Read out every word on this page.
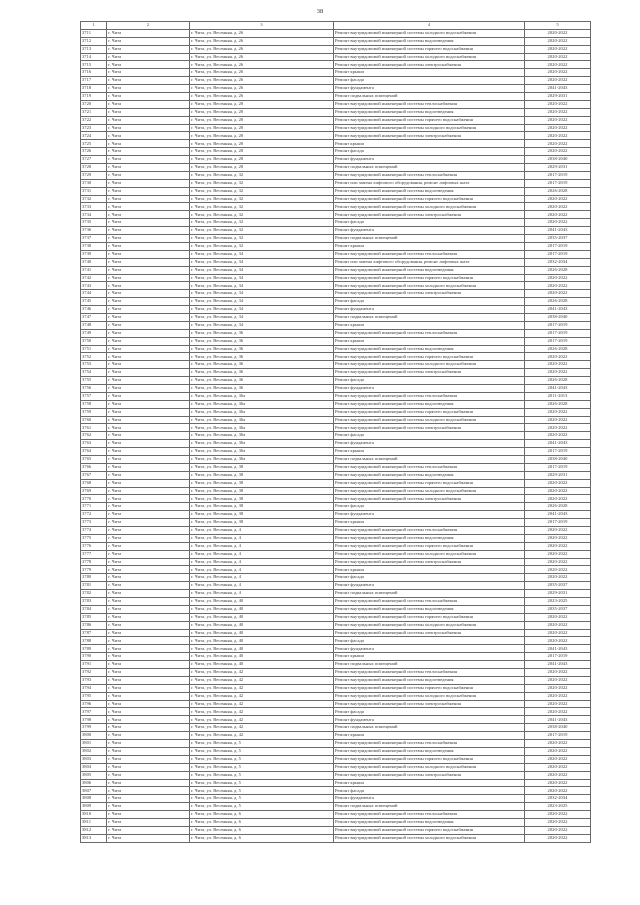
38
1	2	3	4	5
3711	г. Чита	г. Чита, ул. Весенняя, д. 26	Ремонт внутридомовой инженерной системы холодного водоснабжения	2020-2022
3712	г. Чита	г. Чита, ул. Весенняя, д. 26	Ремонт внутридомовой инженерной системы водоотведения	2020-2022
3713	г. Чита	г. Чита, ул. Весенняя, д. 26	Ремонт внутридомовой инженерной системы горячего водоснабжения	2020-2022
3714	г. Чита	г. Чита, ул. Весенняя, д. 26	Ремонт внутридомовой инженерной системы холодного водоснабжения	2020-2022
3715	г. Чита	г. Чита, ул. Весенняя, д. 26	Ремонт внутридомовой инженерной системы электроснабжения	2020-2022
3716	г. Чита	г. Чита, ул. Весенняя, д. 26	Ремонт крыши	2020-2022
3717	г. Чита	г. Чита, ул. Весенняя, д. 26	Ремонт фасада	2020-2022
3718	г. Чита	г. Чита, ул. Весенняя, д. 26	Ремонт фундамента	2041-2043
3719	г. Чита	г. Чита, ул. Весенняя, д. 26	Ремонт подвальных помещений	2029-2031
3720	г. Чита	г. Чита, ул. Весенняя, д. 28	Ремонт внутридомовой инженерной системы теплоснабжения	2020-2022
3721	г. Чита	г. Чита, ул. Весенняя, д. 28	Ремонт внутридомовой инженерной системы водоотведения	2020-2022
3722	г. Чита	г. Чита, ул. Весенняя, д. 28	Ремонт внутридомовой инженерной системы горячего водоснабжения	2020-2022
3723	г. Чита	г. Чита, ул. Весенняя, д. 28	Ремонт внутридомовой инженерной системы холодного водоснабжения	2020-2022
3724	г. Чита	г. Чита, ул. Весенняя, д. 28	Ремонт внутридомовой инженерной системы электроснабжения	2020-2022
3725	г. Чита	г. Чита, ул. Весенняя, д. 28	Ремонт крыши	2020-2022
3726	г. Чита	г. Чита, ул. Весенняя, д. 28	Ремонт фасада	2020-2022
3727	г. Чита	г. Чита, ул. Весенняя, д. 28	Ремонт фундамента	2038-2040
3728	г. Чита	г. Чита, ул. Весенняя, д. 28	Ремонт подвальных помещений	2029-2031
3729	г. Чита	г. Чита, ул. Весенняя, д. 32	Ремонт внутридомовой инженерной системы теплоснабжения	2017-2019
3730	г. Чита	г. Чита, ул. Весенняя, д. 32	Ремонт или замена лифтового оборудования, ремонт лифтовых шахт	2017-2019
3731	г. Чита	г. Чита, ул. Весенняя, д. 32	Ремонт внутридомовой инженерной системы водоотведения	2026-2028
3732	г. Чита	г. Чита, ул. Весенняя, д. 32	Ремонт внутридомовой инженерной системы горячего водоснабжения	2020-2022
3733	г. Чита	г. Чита, ул. Весенняя, д. 32	Ремонт внутридомовой инженерной системы холодного водоснабжения	2020-2022
3734	г. Чита	г. Чита, ул. Весенняя, д. 32	Ремонт внутридомовой инженерной системы электроснабжения	2020-2022
3735	г. Чита	г. Чита, ул. Весенняя, д. 32	Ремонт фасада	2020-2022
3736	г. Чита	г. Чита, ул. Весенняя, д. 32	Ремонт фундамента	2041-2043
3737	г. Чита	г. Чита, ул. Весенняя, д. 32	Ремонт подвальных помещений	2035-2037
3738	г. Чита	г. Чита, ул. Весенняя, д. 32	Ремонт крыши	2017-2019
3739	г. Чита	г. Чита, ул. Весенняя, д. 34	Ремонт внутридомовой инженерной системы теплоснабжения	2017-2019
3740	г. Чита	г. Чита, ул. Весенняя, д. 34	Ремонт или замена лифтового оборудования, ремонт лифтовых шахт	2032-2034
3741	г. Чита	г. Чита, ул. Весенняя, д. 34	Ремонт внутридомовой инженерной системы водоотведения	2026-2028
3742	г. Чита	г. Чита, ул. Весенняя, д. 34	Ремонт внутридомовой инженерной системы горячего водоснабжения	2020-2022
3743	г. Чита	г. Чита, ул. Весенняя, д. 34	Ремонт внутридомовой инженерной системы холодного водоснабжения	2020-2022
3744	г. Чита	г. Чита, ул. Весенняя, д. 34	Ремонт внутридомовой инженерной системы электроснабжения	2020-2022
3745	г. Чита	г. Чита, ул. Весенняя, д. 34	Ремонт фасада	2026-2028
3746	г. Чита	г. Чита, ул. Весенняя, д. 34	Ремонт фундамента	2041-2043
3747	г. Чита	г. Чита, ул. Весенняя, д. 34	Ремонт подвальных помещений	2038-2040
3748	г. Чита	г. Чита, ул. Весенняя, д. 34	Ремонт крыши	2017-2019
3749	г. Чита	г. Чита, ул. Весенняя, д. 36	Ремонт внутридомовой инженерной системы теплоснабжения	2017-2019
3750	г. Чита	г. Чита, ул. Весенняя, д. 36	Ремонт крыши	2017-2019
3751	г. Чита	г. Чита, ул. Весенняя, д. 36	Ремонт внутридомовой инженерной системы водоотведения	2026-2028
3752	г. Чита	г. Чита, ул. Весенняя, д. 36	Ремонт внутридомовой инженерной системы горячего водоснабжения	2020-2022
3753	г. Чита	г. Чита, ул. Весенняя, д. 36	Ремонт внутридомовой инженерной системы холодного водоснабжения	2020-2022
3754	г. Чита	г. Чита, ул. Весенняя, д. 36	Ремонт внутридомовой инженерной системы электроснабжения	2020-2022
3755	г. Чита	г. Чита, ул. Весенняя, д. 36	Ремонт фасада	2026-2028
3756	г. Чита	г. Чита, ул. Весенняя, д. 36	Ремонт фундамента	2041-2043
3757	г. Чита	г. Чита, ул. Весенняя, д. 36а	Ремонт внутридомовой инженерной системы теплоснабжения	2011-2013
3758	г. Чита	г. Чита, ул. Весенняя, д. 36а	Ремонт внутридомовой инженерной системы водоотведения	2026-2028
3759	г. Чита	г. Чита, ул. Весенняя, д. 36а	Ремонт внутридомовой инженерной системы горячего водоснабжения	2020-2022
3760	г. Чита	г. Чита, ул. Весенняя, д. 36а	Ремонт внутридомовой инженерной системы холодного водоснабжения	2020-2022
3761	г. Чита	г. Чита, ул. Весенняя, д. 36а	Ремонт внутридомовой инженерной системы электроснабжения	2020-2022
3762	г. Чита	г. Чита, ул. Весенняя, д. 36а	Ремонт фасада	2020-2022
3763	г. Чита	г. Чита, ул. Весенняя, д. 36а	Ремонт фундамента	2041-2043
3764	г. Чита	г. Чита, ул. Весенняя, д. 36а	Ремонт крыши	2017-2019
3765	г. Чита	г. Чита, ул. Весенняя, д. 36а	Ремонт подвальных помещений	2038-2040
3766	г. Чита	г. Чита, ул. Весенняя, д. 38	Ремонт внутридомовой инженерной системы теплоснабжения	2017-2019
3767	г. Чита	г. Чита, ул. Весенняя, д. 38	Ремонт внутридомовой инженерной системы водоотведения	2029-2031
3768	г. Чита	г. Чита, ул. Весенняя, д. 38	Ремонт внутридомовой инженерной системы горячего водоснабжения	2020-2022
3769	г. Чита	г. Чита, ул. Весенняя, д. 38	Ремонт внутридомовой инженерной системы холодного водоснабжения	2020-2022
3770	г. Чита	г. Чита, ул. Весенняя, д. 38	Ремонт внутридомовой инженерной системы электроснабжения	2020-2022
3771	г. Чита	г. Чита, ул. Весенняя, д. 38	Ремонт фасада	2026-2028
3772	г. Чита	г. Чита, ул. Весенняя, д. 38	Ремонт фундамента	2041-2043
3773	г. Чита	г. Чита, ул. Весенняя, д. 38	Ремонт крыши	2017-2019
3774	г. Чита	г. Чита, ул. Весенняя, д. 4	Ремонт внутридомовой инженерной системы теплоснабжения	2020-2022
3775	г. Чита	г. Чита, ул. Весенняя, д. 4	Ремонт внутридомовой инженерной системы водоотведения	2020-2022
3776	г. Чита	г. Чита, ул. Весенняя, д. 4	Ремонт внутридомовой инженерной системы горячего водоснабжения	2020-2022
3777	г. Чита	г. Чита, ул. Весенняя, д. 4	Ремонт внутридомовой инженерной системы холодного водоснабжения	2020-2022
3778	г. Чита	г. Чита, ул. Весенняя, д. 4	Ремонт внутридомовой инженерной системы электроснабжения	2020-2022
3779	г. Чита	г. Чита, ул. Весенняя, д. 4	Ремонт крыши	2020-2022
3780	г. Чита	г. Чита, ул. Весенняя, д. 4	Ремонт фасада	2020-2022
3781	г. Чита	г. Чита, ул. Весенняя, д. 4	Ремонт фундамента	2035-2037
3782	г. Чита	г. Чита, ул. Весенняя, д. 4	Ремонт подвальных помещений	2029-2031
3783	г. Чита	г. Чита, ул. Весенняя, д. 40	Ремонт внутридомовой инженерной системы теплоснабжения	2023-2025
3784	г. Чита	г. Чита, ул. Весенняя, д. 40	Ремонт внутридомовой инженерной системы водоотведения	2035-2037
3785	г. Чита	г. Чита, ул. Весенняя, д. 40	Ремонт внутридомовой инженерной системы горячего водоснабжения	2020-2022
3786	г. Чита	г. Чита, ул. Весенняя, д. 40	Ремонт внутридомовой инженерной системы холодного водоснабжения	2020-2022
3787	г. Чита	г. Чита, ул. Весенняя, д. 40	Ремонт внутридомовой инженерной системы электроснабжения	2020-2022
3788	г. Чита	г. Чита, ул. Весенняя, д. 40	Ремонт фасада	2020-2022
3789	г. Чита	г. Чита, ул. Весенняя, д. 40	Ремонт фундамента	2041-2043
3790	г. Чита	г. Чита, ул. Весенняя, д. 40	Ремонт крыши	2017-2019
3791	г. Чита	г. Чита, ул. Весенняя, д. 40	Ремонт подвальных помещений	2041-2043
3792	г. Чита	г. Чита, ул. Весенняя, д. 42	Ремонт внутридомовой инженерной системы теплоснабжения	2020-2022
3793	г. Чита	г. Чита, ул. Весенняя, д. 42	Ремонт внутридомовой инженерной системы водоотведения	2020-2022
3794	г. Чита	г. Чита, ул. Весенняя, д. 42	Ремонт внутридомовой инженерной системы горячего водоснабжения	2020-2022
3795	г. Чита	г. Чита, ул. Весенняя, д. 42	Ремонт внутридомовой инженерной системы холодного водоснабжения	2020-2022
3796	г. Чита	г. Чита, ул. Весенняя, д. 42	Ремонт внутридомовой инженерной системы электроснабжения	2020-2022
3797	г. Чита	г. Чита, ул. Весенняя, д. 42	Ремонт фасада	2020-2022
3798	г. Чита	г. Чита, ул. Весенняя, д. 42	Ремонт фундамента	2041-2043
3799	г. Чита	г. Чита, ул. Весенняя, д. 42	Ремонт подвальных помещений	2038-2040
3800	г. Чита	г. Чита, ул. Весенняя, д. 42	Ремонт крыши	2017-2019
3801	г. Чита	г. Чита, ул. Весенняя, д. 5	Ремонт внутридомовой инженерной системы теплоснабжения	2020-2022
3802	г. Чита	г. Чита, ул. Весенняя, д. 5	Ремонт внутридомовой инженерной системы водоотведения	2020-2022
3803	г. Чита	г. Чита, ул. Весенняя, д. 5	Ремонт внутридомовой инженерной системы горячего водоснабжения	2020-2022
3804	г. Чита	г. Чита, ул. Весенняя, д. 5	Ремонт внутридомовой инженерной системы холодного водоснабжения	2020-2022
3805	г. Чита	г. Чита, ул. Весенняя, д. 5	Ремонт внутридомовой инженерной системы электроснабжения	2020-2022
3806	г. Чита	г. Чита, ул. Весенняя, д. 5	Ремонт крыши	2020-2022
3807	г. Чита	г. Чита, ул. Весенняя, д. 5	Ремонт фасада	2020-2022
3808	г. Чита	г. Чита, ул. Весенняя, д. 5	Ремонт фундамента	2032-2034
3809	г. Чита	г. Чита, ул. Весенняя, д. 5	Ремонт подвальных помещений	2023-2025
3810	г. Чита	г. Чита, ул. Весенняя, д. 6	Ремонт внутридомовой инженерной системы теплоснабжения	2020-2022
3811	г. Чита	г. Чита, ул. Весенняя, д. 6	Ремонт внутридомовой инженерной системы водоотведения	2020-2022
3812	г. Чита	г. Чита, ул. Весенняя, д. 6	Ремонт внутридомовой инженерной системы горячего водоснабжения	2020-2022
3813	г. Чита	г. Чита, ул. Весенняя, д. 6	Ремонт внутридомовой инженерной системы холодного водоснабжения	2020-2022
